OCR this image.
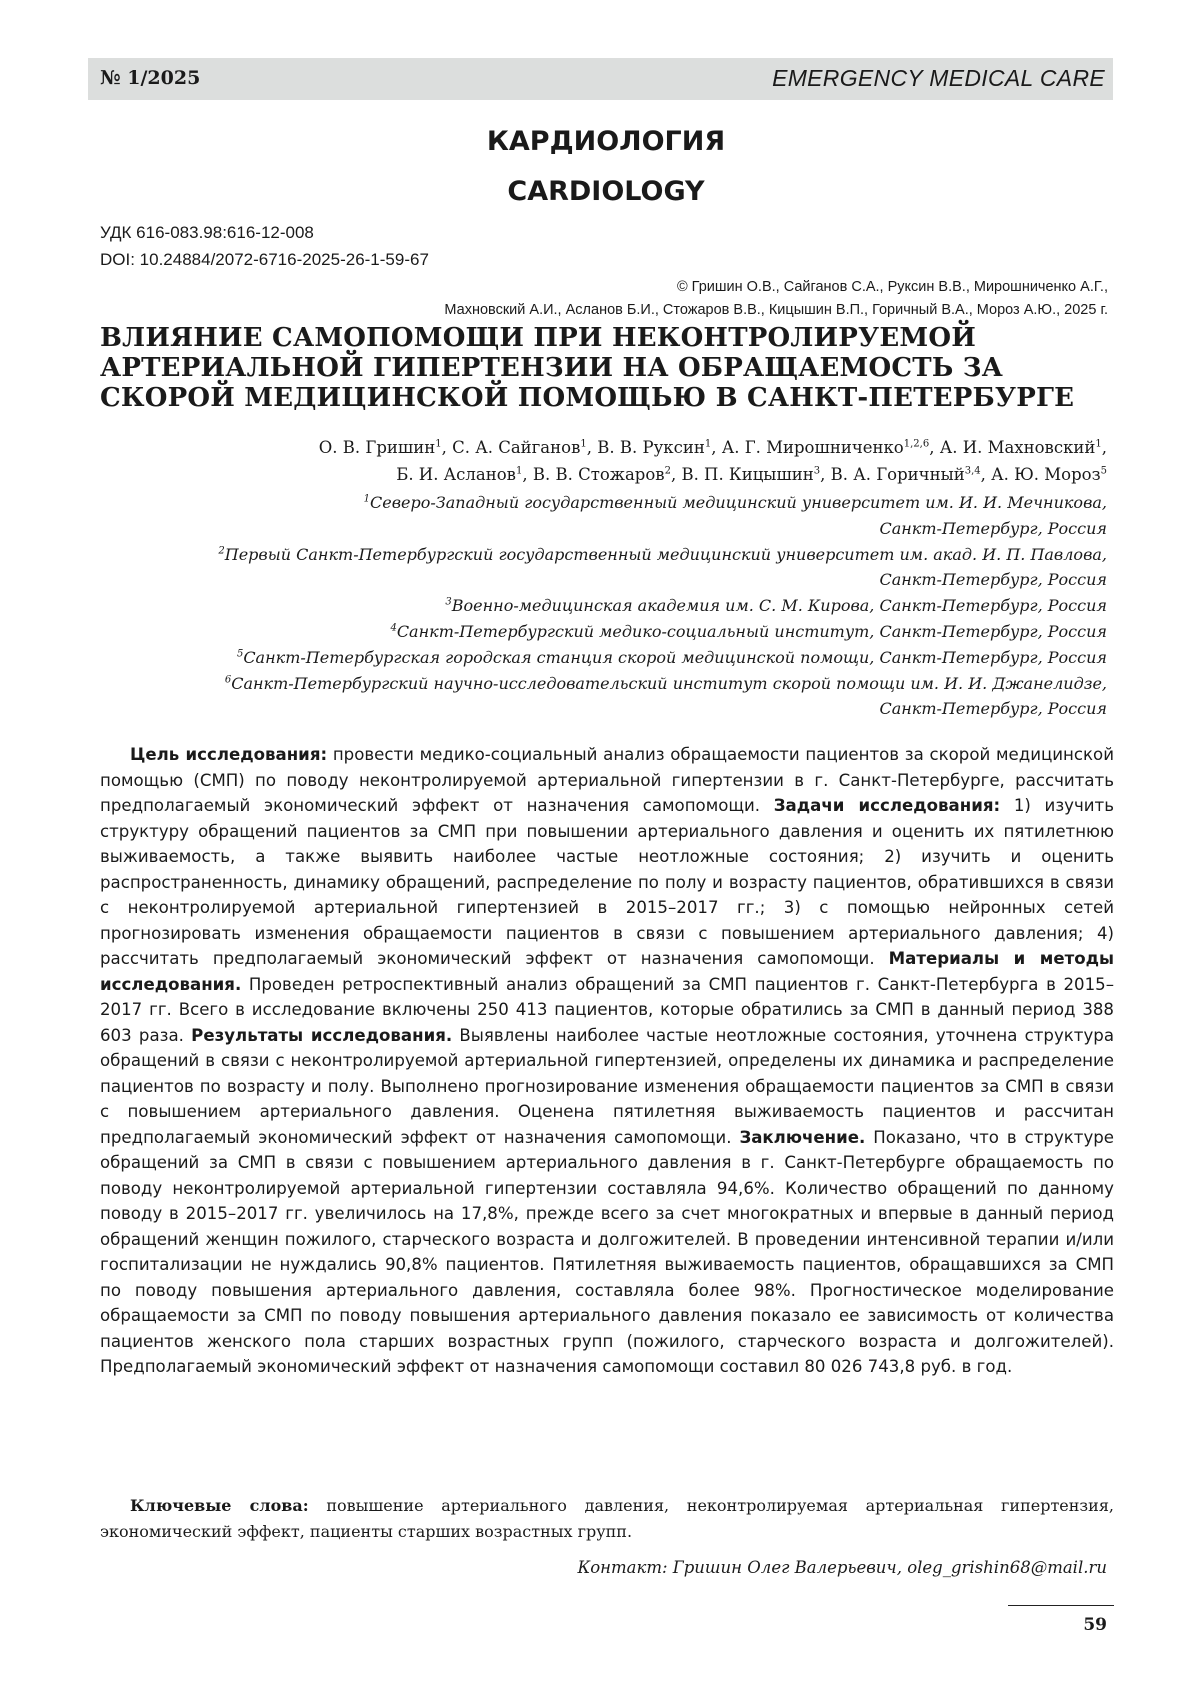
№ 1/2025	EMERGENCY MEDICAL CARE
КАРДИОЛОГИЯ
CARDIOLOGY
УДК 616-083.98:616-12-008
DOI: 10.24884/2072-6716-2025-26-1-59-67
© Гришин О.В., Сайганов С.А., Руксин В.В., Мирошниченко А.Г.,
Махновский А.И., Асланов Б.И., Стожаров В.В., Кицышин В.П., Горичный В.А., Мороз А.Ю., 2025 г.
ВЛИЯНИЕ САМОПОМОЩИ ПРИ НЕКОНТРОЛИРУЕМОЙ АРТЕРИАЛЬНОЙ ГИПЕРТЕНЗИИ НА ОБРАЩАЕМОСТЬ ЗА СКОРОЙ МЕДИЦИНСКОЙ ПОМОЩЬЮ В САНКТ-ПЕТЕРБУРГЕ
О. В. Гришин$^1$, С. А. Сайганов$^1$, В. В. Руксин$^1$, А. Г. Мирошниченко$^{1,2,6}$, А. И. Махновский$^1$,
Б. И. Асланов$^1$, В. В. Стожаров$^2$, В. П. Кицышин$^3$, В. А. Горичный$^{3,4}$, А. Ю. Мороз$^5$
$^1$Северо-Западный государственный медицинский университет им. И. И. Мечникова,
Санкт-Петербург, Россия
$^2$Первый Санкт-Петербургский государственный медицинский университет им. акад. И. П. Павлова,
Санкт-Петербург, Россия
$^3$Военно-медицинская академия им. С. М. Кирова, Санкт-Петербург, Россия
$^4$Санкт-Петербургский медико-социальный институт, Санкт-Петербург, Россия
$^5$Санкт-Петербургская городская станция скорой медицинской помощи, Санкт-Петербург, Россия
$^6$Санкт-Петербургский научно-исследовательский институт скорой помощи им. И. И. Джанелидзе,
Санкт-Петербург, Россия

Цель исследования: провести медико-социальный анализ обращаемости пациентов за скорой медицинской помощью (СМП) по поводу неконтролируемой артериальной гипертензии в г. Санкт-Петербурге, рассчитать предполагаемый экономический эффект от назначения самопомощи. Задачи исследования: 1) изучить структуру обращений пациентов за СМП при повышении артериального давления и оценить их пятилетнюю выживаемость, а также выявить наиболее частые неотложные состояния; 2) изучить и оценить распространенность, динамику обращений, распределение по полу и возрасту пациентов, обратившихся в связи с неконтролируемой артериальной гипертензией в 2015–2017 гг.; 3) с помощью нейронных сетей прогнозировать изменения обращаемости пациентов в связи с повышением артериального давления; 4) рассчитать предполагаемый экономический эффект от назначения самопомощи. Материалы и методы исследования. Проведен ретроспективный анализ обращений за СМП пациентов г. Санкт-Петербурга в 2015–2017 гг. Всего в исследование включены 250 413 пациентов, которые обратились за СМП в данный период 388 603 раза. Результаты исследования. Выявлены наиболее частые неотложные состояния, уточнена структура обращений в связи с неконтролируемой артериальной гипертензией, определены их динамика и распределение пациентов по возрасту и полу. Выполнено прогнозирование изменения обращаемости пациентов за СМП в связи с повышением артериального давления. Оценена пятилетняя выживаемость пациентов и рассчитан предполагаемый экономический эффект от назначения самопомощи. Заключение. Показано, что в структуре обращений за СМП в связи с повышением артериального давления в г. Санкт-Петербурге обращаемость по поводу неконтролируемой артериальной гипертензии составляла 94,6%. Количество обращений по данному поводу в 2015–2017 гг. увеличилось на 17,8%, прежде всего за счет многократных и впервые в данный период обращений женщин пожилого, старческого возраста и долгожителей. В проведении интенсивной терапии и/или госпитализации не нуждались 90,8% пациентов. Пятилетняя выживаемость пациентов, обращавшихся за СМП по поводу повышения артериального давления, составляла более 98%. Прогностическое моделирование обращаемости за СМП по поводу повышения артериального давления показало ее зависимость от количества пациентов женского пола старших возрастных групп (пожилого, старческого возраста и долгожителей). Предполагаемый экономический эффект от назначения самопомощи составил 80 026 743,8 руб. в год.

Ключевые слова: повышение артериального давления, неконтролируемая артериальная гипертензия, экономический эффект, пациенты старших возрастных групп.

Контакт: Гришин Олег Валерьевич, oleg_grishin68@mail.ru
59
